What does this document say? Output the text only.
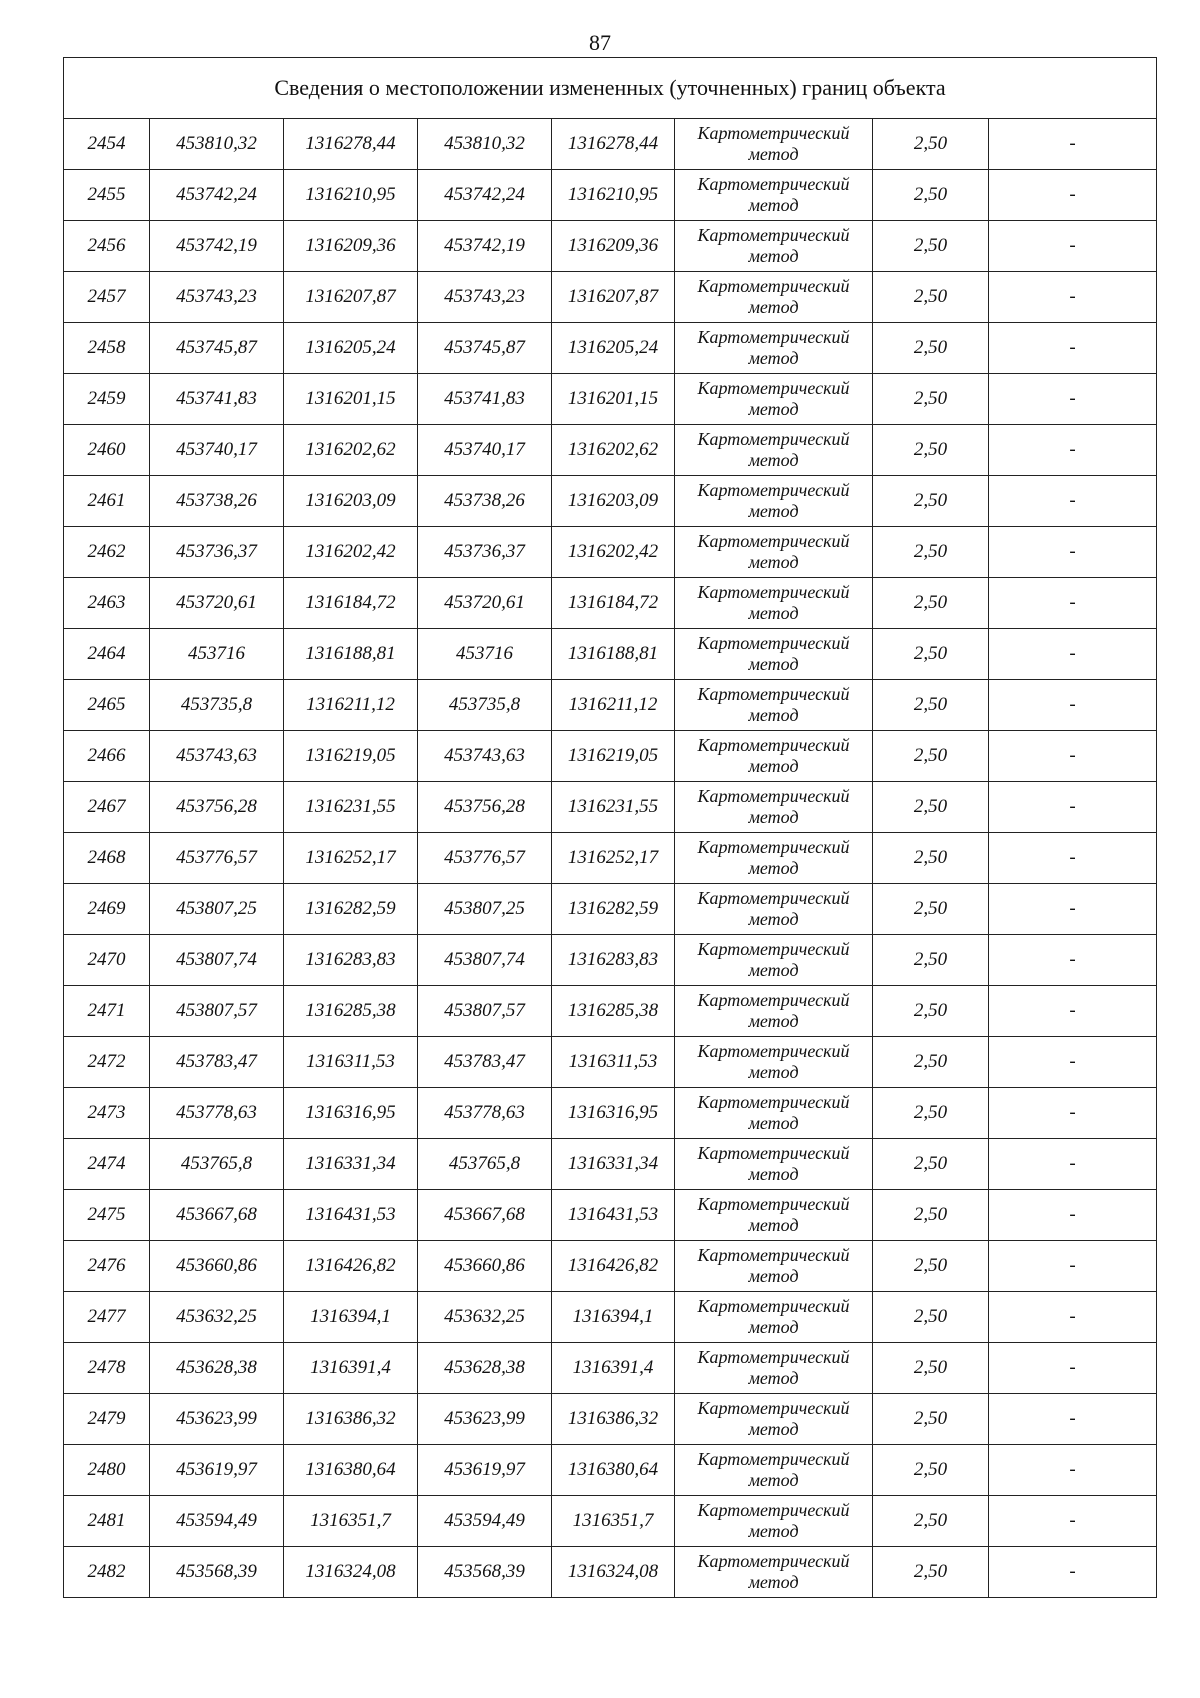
87
Сведения о местоположении измененных (уточненных) границ объекта							
2454	453810,32	1316278,44	453810,32	1316278,44	Картометрический
метод	2,50	-
2455	453742,24	1316210,95	453742,24	1316210,95	Картометрический
метод	2,50	-
2456	453742,19	1316209,36	453742,19	1316209,36	Картометрический
метод	2,50	-
2457	453743,23	1316207,87	453743,23	1316207,87	Картометрический
метод	2,50	-
2458	453745,87	1316205,24	453745,87	1316205,24	Картометрический
метод	2,50	-
2459	453741,83	1316201,15	453741,83	1316201,15	Картометрический
метод	2,50	-
2460	453740,17	1316202,62	453740,17	1316202,62	Картометрический
метод	2,50	-
2461	453738,26	1316203,09	453738,26	1316203,09	Картометрический
метод	2,50	-
2462	453736,37	1316202,42	453736,37	1316202,42	Картометрический
метод	2,50	-
2463	453720,61	1316184,72	453720,61	1316184,72	Картометрический
метод	2,50	-
2464	453716	1316188,81	453716	1316188,81	Картометрический
метод	2,50	-
2465	453735,8	1316211,12	453735,8	1316211,12	Картометрический
метод	2,50	-
2466	453743,63	1316219,05	453743,63	1316219,05	Картометрический
метод	2,50	-
2467	453756,28	1316231,55	453756,28	1316231,55	Картометрический
метод	2,50	-
2468	453776,57	1316252,17	453776,57	1316252,17	Картометрический
метод	2,50	-
2469	453807,25	1316282,59	453807,25	1316282,59	Картометрический
метод	2,50	-
2470	453807,74	1316283,83	453807,74	1316283,83	Картометрический
метод	2,50	-
2471	453807,57	1316285,38	453807,57	1316285,38	Картометрический
метод	2,50	-
2472	453783,47	1316311,53	453783,47	1316311,53	Картометрический
метод	2,50	-
2473	453778,63	1316316,95	453778,63	1316316,95	Картометрический
метод	2,50	-
2474	453765,8	1316331,34	453765,8	1316331,34	Картометрический
метод	2,50	-
2475	453667,68	1316431,53	453667,68	1316431,53	Картометрический
метод	2,50	-
2476	453660,86	1316426,82	453660,86	1316426,82	Картометрический
метод	2,50	-
2477	453632,25	1316394,1	453632,25	1316394,1	Картометрический
метод	2,50	-
2478	453628,38	1316391,4	453628,38	1316391,4	Картометрический
метод	2,50	-
2479	453623,99	1316386,32	453623,99	1316386,32	Картометрический
метод	2,50	-
2480	453619,97	1316380,64	453619,97	1316380,64	Картометрический
метод	2,50	-
2481	453594,49	1316351,7	453594,49	1316351,7	Картометрический
метод	2,50	-
2482	453568,39	1316324,08	453568,39	1316324,08	Картометрический
метод	2,50	-
